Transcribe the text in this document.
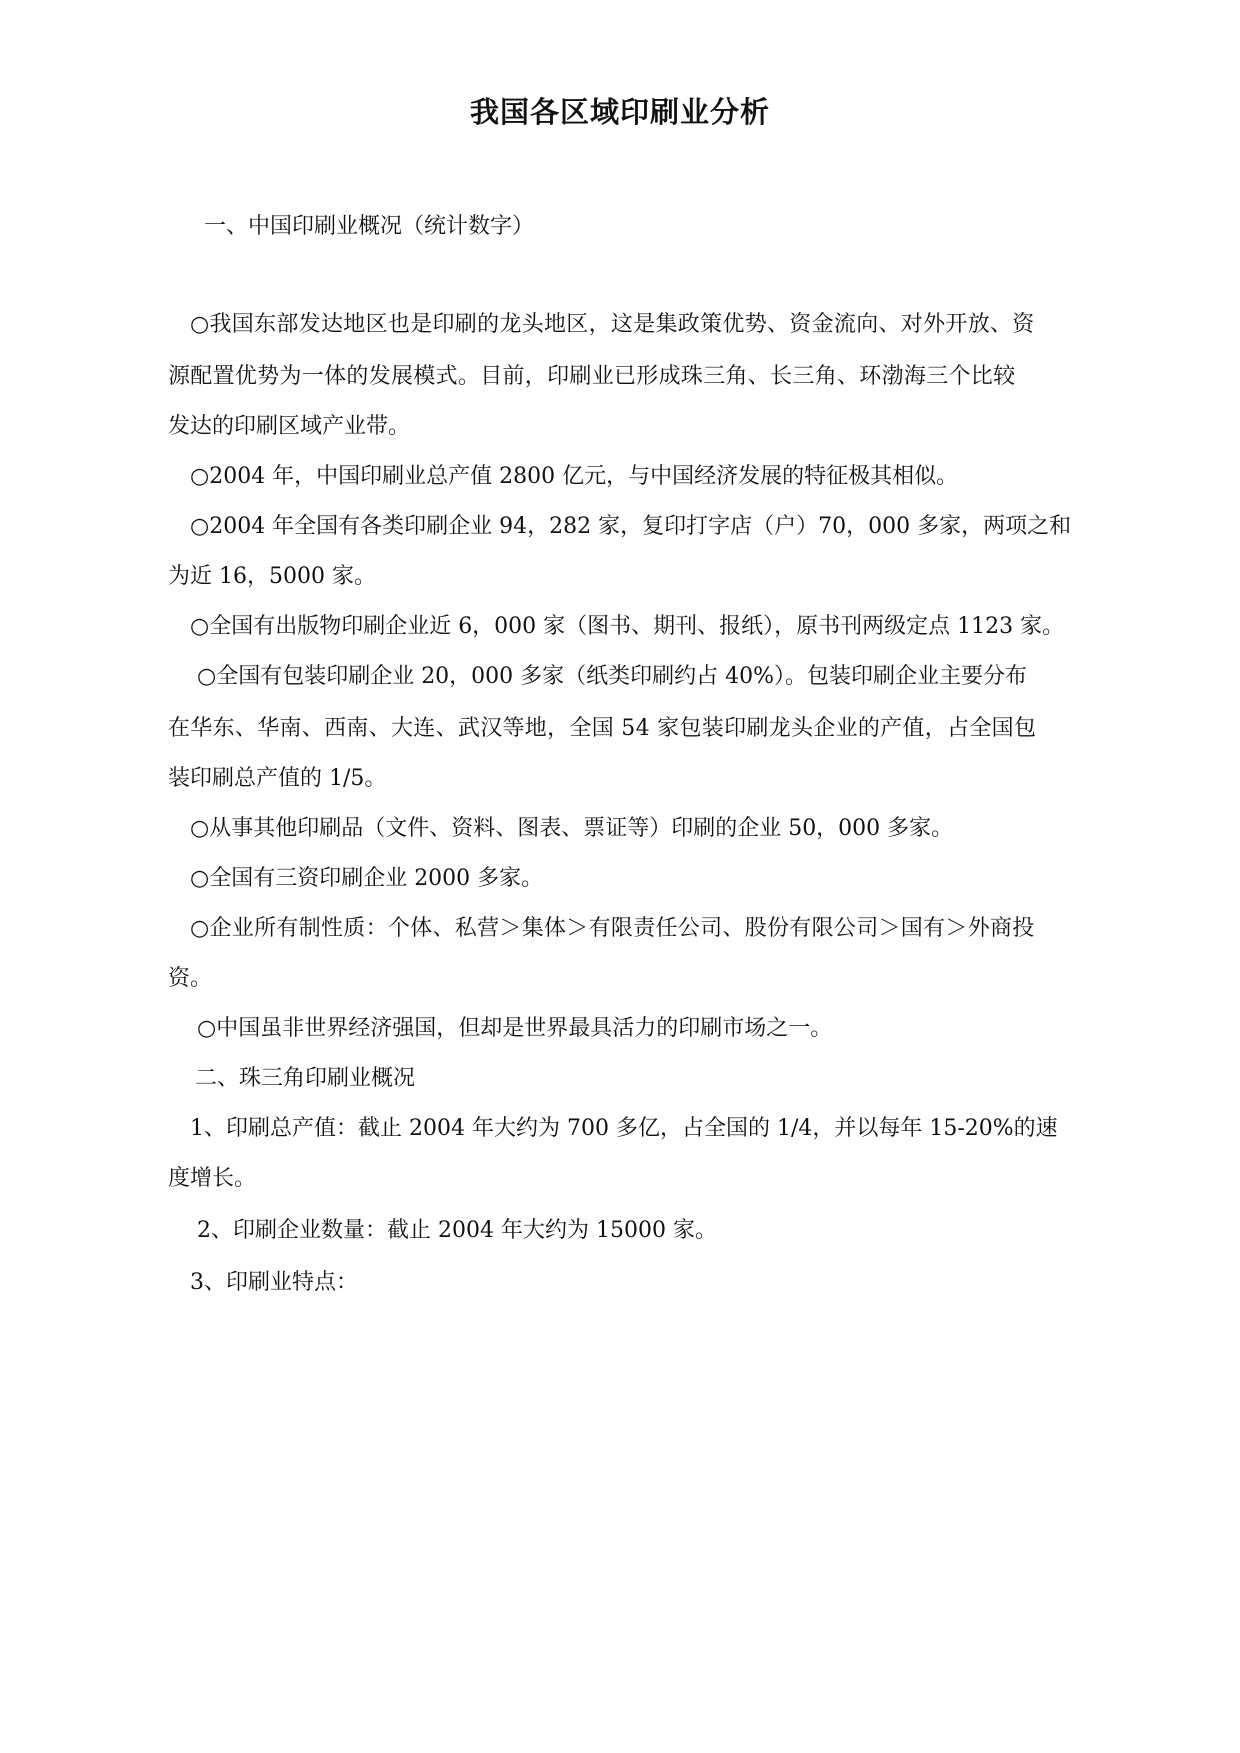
我国各区域印刷业分析
一、中国印刷业概况（统计数字）
○我国东部发达地区也是印刷的龙头地区，这是集政策优势、资金流向、对外开放、资
源配置优势为一体的发展模式。目前，印刷业已形成珠三角、长三角、环渤海三个比较
发达的印刷区域产业带。
○2004 年，中国印刷业总产值 2800 亿元，与中国经济发展的特征极其相似。
○2004 年全国有各类印刷企业 94，282 家，复印打字店（户）70，000 多家，两项之和
为近 16，5000 家。
○全国有出版物印刷企业近 6，000 家（图书、期刊、报纸），原书刊两级定点 1123 家。
○全国有包装印刷企业 20，000 多家（纸类印刷约占 40%）。包装印刷企业主要分布
在华东、华南、西南、大连、武汉等地，全国 54 家包装印刷龙头企业的产值，占全国包
装印刷总产值的 1/5。
○从事其他印刷品（文件、资料、图表、票证等）印刷的企业 50，000 多家。
○全国有三资印刷企业 2000 多家。
○企业所有制性质：个体、私营＞集体＞有限责任公司、股份有限公司＞国有＞外商投
资。
○中国虽非世界经济强国，但却是世界最具活力的印刷市场之一。
二、珠三角印刷业概况
1、印刷总产值：截止 2004 年大约为 700 多亿，占全国的 1/4，并以每年 15-20%的速
度增长。
2、印刷企业数量：截止 2004 年大约为 15000 家。
3、印刷业特点：
